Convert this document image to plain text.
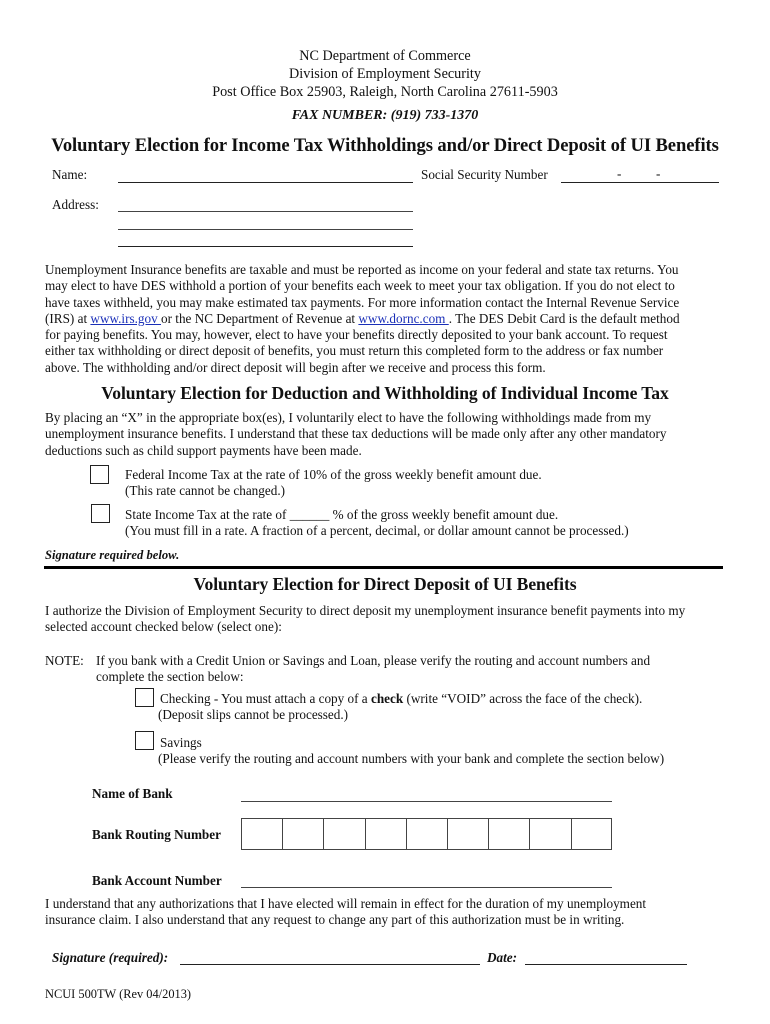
NC Department of Commerce
Division of Employment Security
Post Office Box 25903, Raleigh, North Carolina 27611-5903
FAX NUMBER: (919) 733-1370
Voluntary Election for Income Tax Withholdings and/or Direct Deposit of UI Benefits
Name:	Social Security Number	-	-
Address:

Unemployment Insurance benefits are taxable and must be reported as income on your federal and state tax returns. You

may elect to have DES withhold a portion of your benefits each week to meet your tax obligation. If you do not elect to

have taxes withheld, you may make estimated tax payments. For more information contact the Internal Revenue Service

(IRS) at www.irs.gov or the NC Department of Revenue at www.dornc.com . The DES Debit Card is the default method

for paying benefits. You may, however, elect to have your benefits directly deposited to your bank account. To request

either tax withholding or direct deposit of benefits, you must return this completed form to the address or fax number

above. The withholding and/or direct deposit will begin after we receive and process this form.

Voluntary Election for Deduction and Withholding of Individual Income Tax

By placing an “X” in the appropriate box(es), I voluntarily elect to have the following withholdings made from my

unemployment insurance benefits. I understand that these tax deductions will be made only after any other mandatory

deductions such as child support payments have been made.

Federal Income Tax at the rate of 10% of the gross weekly benefit amount due.
(This rate cannot be changed.)
State Income Tax at the rate of ______ % of the gross weekly benefit amount due.
(You must fill in a rate. A fraction of a percent, decimal, or dollar amount cannot be processed.)
Signature required below.
Voluntary Election for Direct Deposit of UI Benefits

I authorize the Division of Employment Security to direct deposit my unemployment insurance benefit payments into my

selected account checked below (select one):

NOTE: If you bank with a Credit Union or Savings and Loan, please verify the routing and account numbers and
complete the section below:
Checking - You must attach a copy of a check (write “VOID” across the face of the check).
(Deposit slips cannot be processed.)
Savings
(Please verify the routing and account numbers with your bank and complete the section below)
Name of Bank
Bank Routing Number
Bank Account Number

I understand that any authorizations that I have elected will remain in effect for the duration of my unemployment

insurance claim. I also understand that any request to change any part of this authorization must be in writing.

Signature (required):	Date:
NCUI 500TW (Rev 04/2013)
